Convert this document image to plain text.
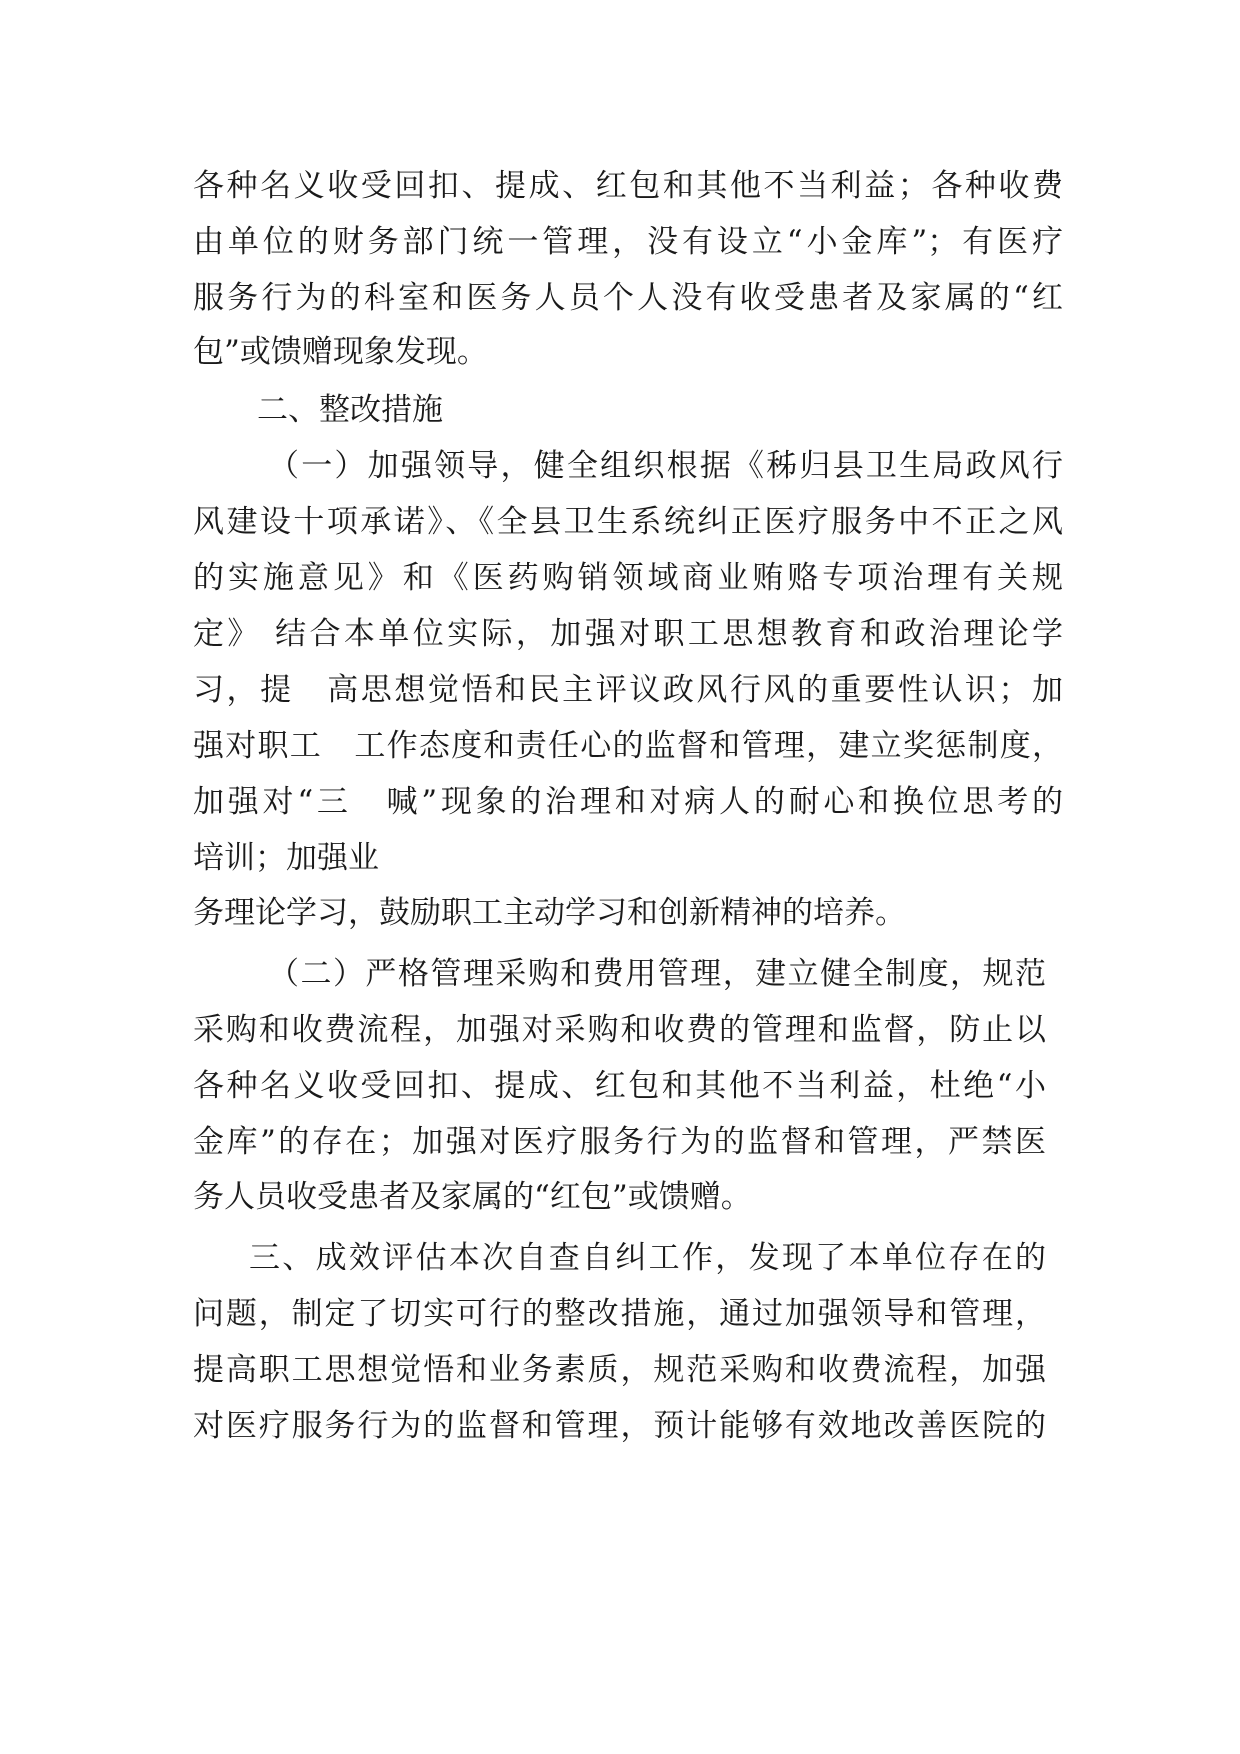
各种名义收受回扣、提成、红包和其他不当利益；各种收费
由单位的财务部门统一管理，没有设立“小金库”；有医疗
服务行为的科室和医务人员个人没有收受患者及家属的“红
包”或馈赠现象发现。
二、整改措施
（一）加强领导，健全组织根据《秭归县卫生局政风行
风建设十项承诺》、《全县卫生系统纠正医疗服务中不正之风
的实施意见》和《医药购销领域商业贿赂专项治理有关规
定》 结合本单位实际，加强对职工思想教育和政治理论学
习，提　高思想觉悟和民主评议政风行风的重要性认识；加
强对职工　工作态度和责任心的监督和管理，建立奖惩制度，
加强对“三　喊”现象的治理和对病人的耐心和换位思考的
培训；加强业
务理论学习，鼓励职工主动学习和创新精神的培养。
（二）严格管理采购和费用管理，建立健全制度，规范
采购和收费流程，加强对采购和收费的管理和监督，防止以
各种名义收受回扣、提成、红包和其他不当利益，杜绝“小
金库”的存在；加强对医疗服务行为的监督和管理，严禁医
务人员收受患者及家属的“红包”或馈赠。
三、成效评估本次自查自纠工作，发现了本单位存在的
问题，制定了切实可行的整改措施，通过加强领导和管理，
提高职工思想觉悟和业务素质，规范采购和收费流程，加强
对医疗服务行为的监督和管理，预计能够有效地改善医院的
